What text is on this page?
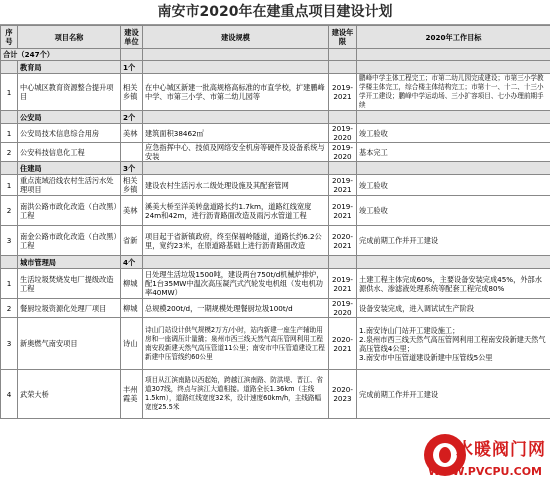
南安市2020年在建重点项目建设计划
序号	项目名称	建设单位	建设规模	建设年限	2020年工作目标
合计（247个）					
	教育局	1个			
1	中心城区教育资源整合提升项目	相关乡镇	在中心城区新建一批高规格高标准的市直学校，扩建鹏峰中学、市第三小学、市第二幼儿园等	2019-2021	鹏峰中学主体工程完工；市第二幼儿园完成建设；市第三小学教学楼主体完工，综合楼主体结构完工；市第十一、十二、十三小学开工建设；鹏峰中学运动场、三小扩容项目、七小办理前期手续
	公安局	2个			
1	公安局技术信息综合用房	美林	建筑面积38462㎡	2019-2020	竣工验收
2	公安科技信息化工程		应急指挥中心、技侦及网络安全机房等硬件及设备系统与安装	2019-2020	基本完工
	住建局	3个			
1	重点流域沿线农村生活污水处理项目	相关乡镇	建设农村生活污水二级处理设施及其配套管网	2019-2021	竣工验收
2	南洪公路市政化改造（白改黑）工程	美林	溪美大桥至洋美转盘道路长约1.7km，道路红线宽度24m和42m，进行沥青路面改造及雨污水管道工程	2019-2021	竣工验收
3	南金公路市政化改造（白改黑）工程	省新	项目起于省新镇政府，终至保福岭隧道，道路长约6.2公里，宽约23米，在原道路基础上进行沥青路面改造	2020-2021	完成前期工作并开工建设
	城市管理局	4个			
1	生活垃圾焚烧发电厂提级改造工程	柳城	日处理生活垃圾1500吨，建设两台750t/d机械炉排炉，配1台35MW中温次高压凝汽式汽轮发电机组（发电机功率40MW）	2019-2021	土建工程主体完成60%，主要设备安装完成45%，外部水源供水、渗滤液处理系统等配套工程完成80%
2	餐厨垃圾资源化处理厂项目	柳城	总规模200t/d，一期规模处理餐厨垃圾100t/d	2019-2020	设备安装完成，进入调试试生产阶段
3	新奥燃气南安项目	诗山	诗山门站设计供气规模2万方/小时，站内新建一座生产辅助用房和一座调压计量撬；泉州市西三线天然气高压管网利用工程南安段新建天然气高压管道11公里；南安市中压管道建设工程新建中压管线约60公里	2020-2021	1.南安诗山门站开工建设施工；
2.泉州市西三线天然气高压管网利用工程南安段新建天然气高压管线4公里；
3.南安市中压管道建设新建中压管线5公里
4	武荣大桥	丰州霞美	项目从江滨南路以西起始，跨越江滨南路、防洪堤、晋江、省道307线，终点与滨江大道相接。道路全长1.36km（主线1.5km），道路红线宽度32米，设计速度60km/h，主线路幅宽度25.5米	2020-2023	完成前期工作并开工建设
水暖阀门网
WWW.PVCPU.COM
